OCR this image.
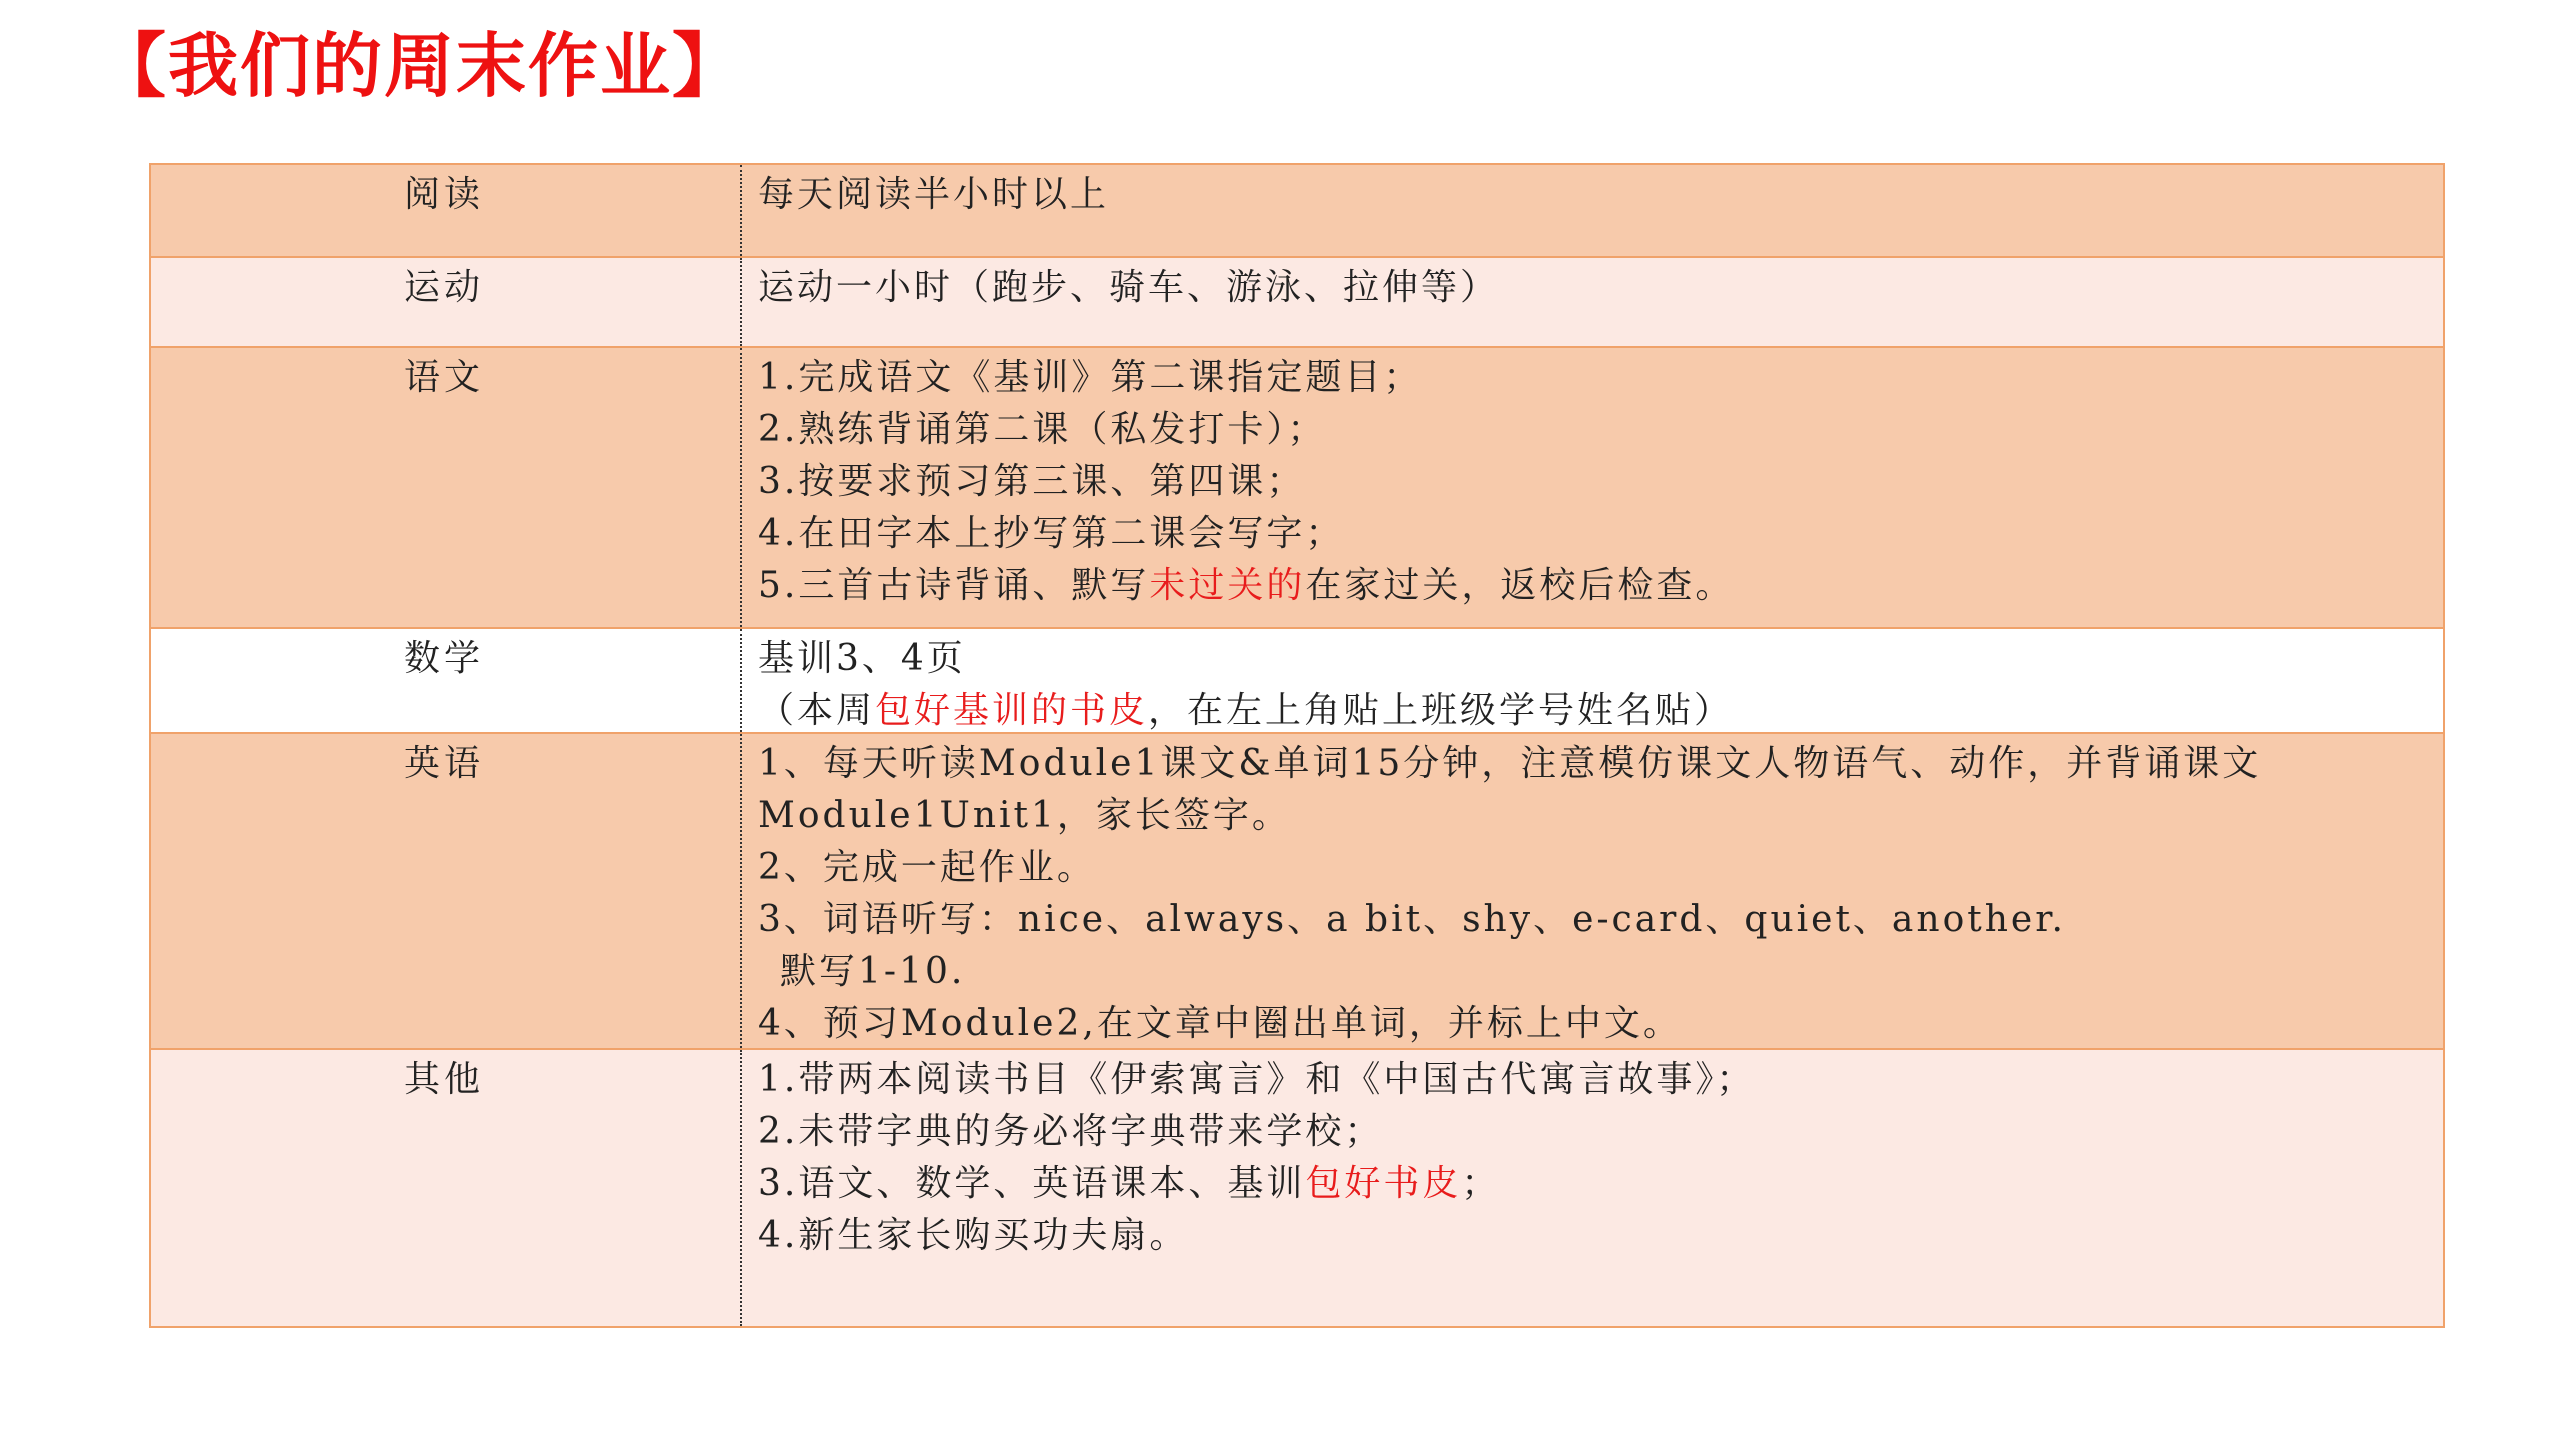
【我们的周末作业】
阅读	每天阅读半小时以上
运动	运动一小时（跑步、骑车、游泳、拉伸等）
语文	1.完成语文《基训》第二课指定题目；
2.熟练背诵第二课（私发打卡）；
3.按要求预习第三课、第四课；
4.在田字本上抄写第二课会写字；
5.三首古诗背诵、默写未过关的在家过关，返校后检查。
数学	基训3、4页
（本周包好基训的书皮，在左上角贴上班级学号姓名贴）
英语	1、每天听读Module1课文&单词15分钟，注意模仿课文人物语气、动作，并背诵课文
Module1Unit1，家长签字。
2、完成一起作业。
3、词语听写：nice、always、a bit、shy、e-card、quiet、another.
默写1-10.
4、预习Module2,在文章中圈出单词，并标上中文。
其他	1.带两本阅读书目《伊索寓言》和《中国古代寓言故事》；
2.未带字典的务必将字典带来学校；
3.语文、数学、英语课本、基训包好书皮；
4.新生家长购买功夫扇。
